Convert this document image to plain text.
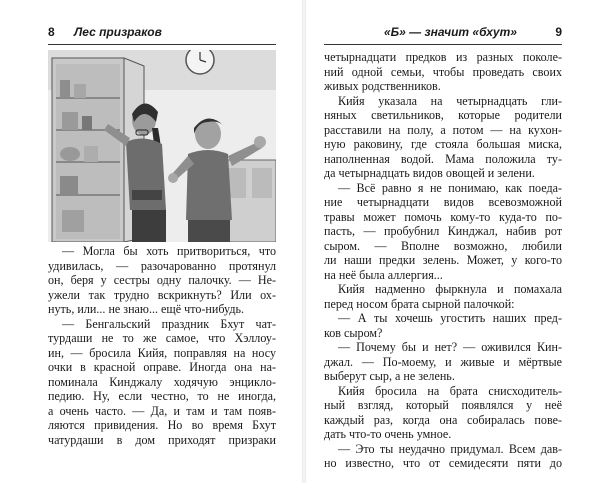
8 Лес призраков
— Могла бы хоть притвориться, что
удивилась, — разочарованно протянул
он, беря у сестры одну палочку. — Не-
ужели так трудно вскрикнуть? Или ох-
нуть, или... не знаю... ещё что-нибудь.
— Бенгальский праздник Бхут чат-
турдаши не то же самое, что Хэллоу-
ин, — бросила Кийя, поправляя на носу
очки в красной оправе. Иногда она на-
поминала Кинджалу ходячую энцикло-
педию. Ну, если честно, то не иногда,
а очень часто. — Да, и там и там появ-
ляются привидения. Но во время Бхут
чатурдаши в дом приходят призраки
«Б» — значит «бхут»	9
четырнадцати предков из разных поколе-
ний одной семьи, чтобы проведать своих
живых родственников.
Кийя указала на четырнадцать гли-
няных светильников, которые родители
расставили на полу, а потом — на кухон-
ную раковину, где стояла большая миска,
наполненная водой. Мама положила ту-
да четырнадцать видов овощей и зелени.
— Всё равно я не понимаю, как поеда-
ние четырнадцати видов всевозможной
травы может помочь кому-то куда-то по-
пасть, — пробубнил Кинджал, набив рот
сыром. — Вполне возможно, любили
ли наши предки зелень. Может, у кого-то
на неё была аллергия...
Кийя надменно фыркнула и помахала
перед носом брата сырной палочкой:
— А ты хочешь угостить наших пред-
ков сыром?
— Почему бы и нет? — оживился Кин-
джал. — По-моему, и живые и мёртвые
выберут сыр, а не зелень.
Кийя бросила на брата снисходитель-
ный взгляд, который появлялся у неё
каждый раз, когда она собиралась пове-
дать что-то очень умное.
— Это ты неудачно придумал. Всем дав-
но известно, что от семидесяти пяти до
